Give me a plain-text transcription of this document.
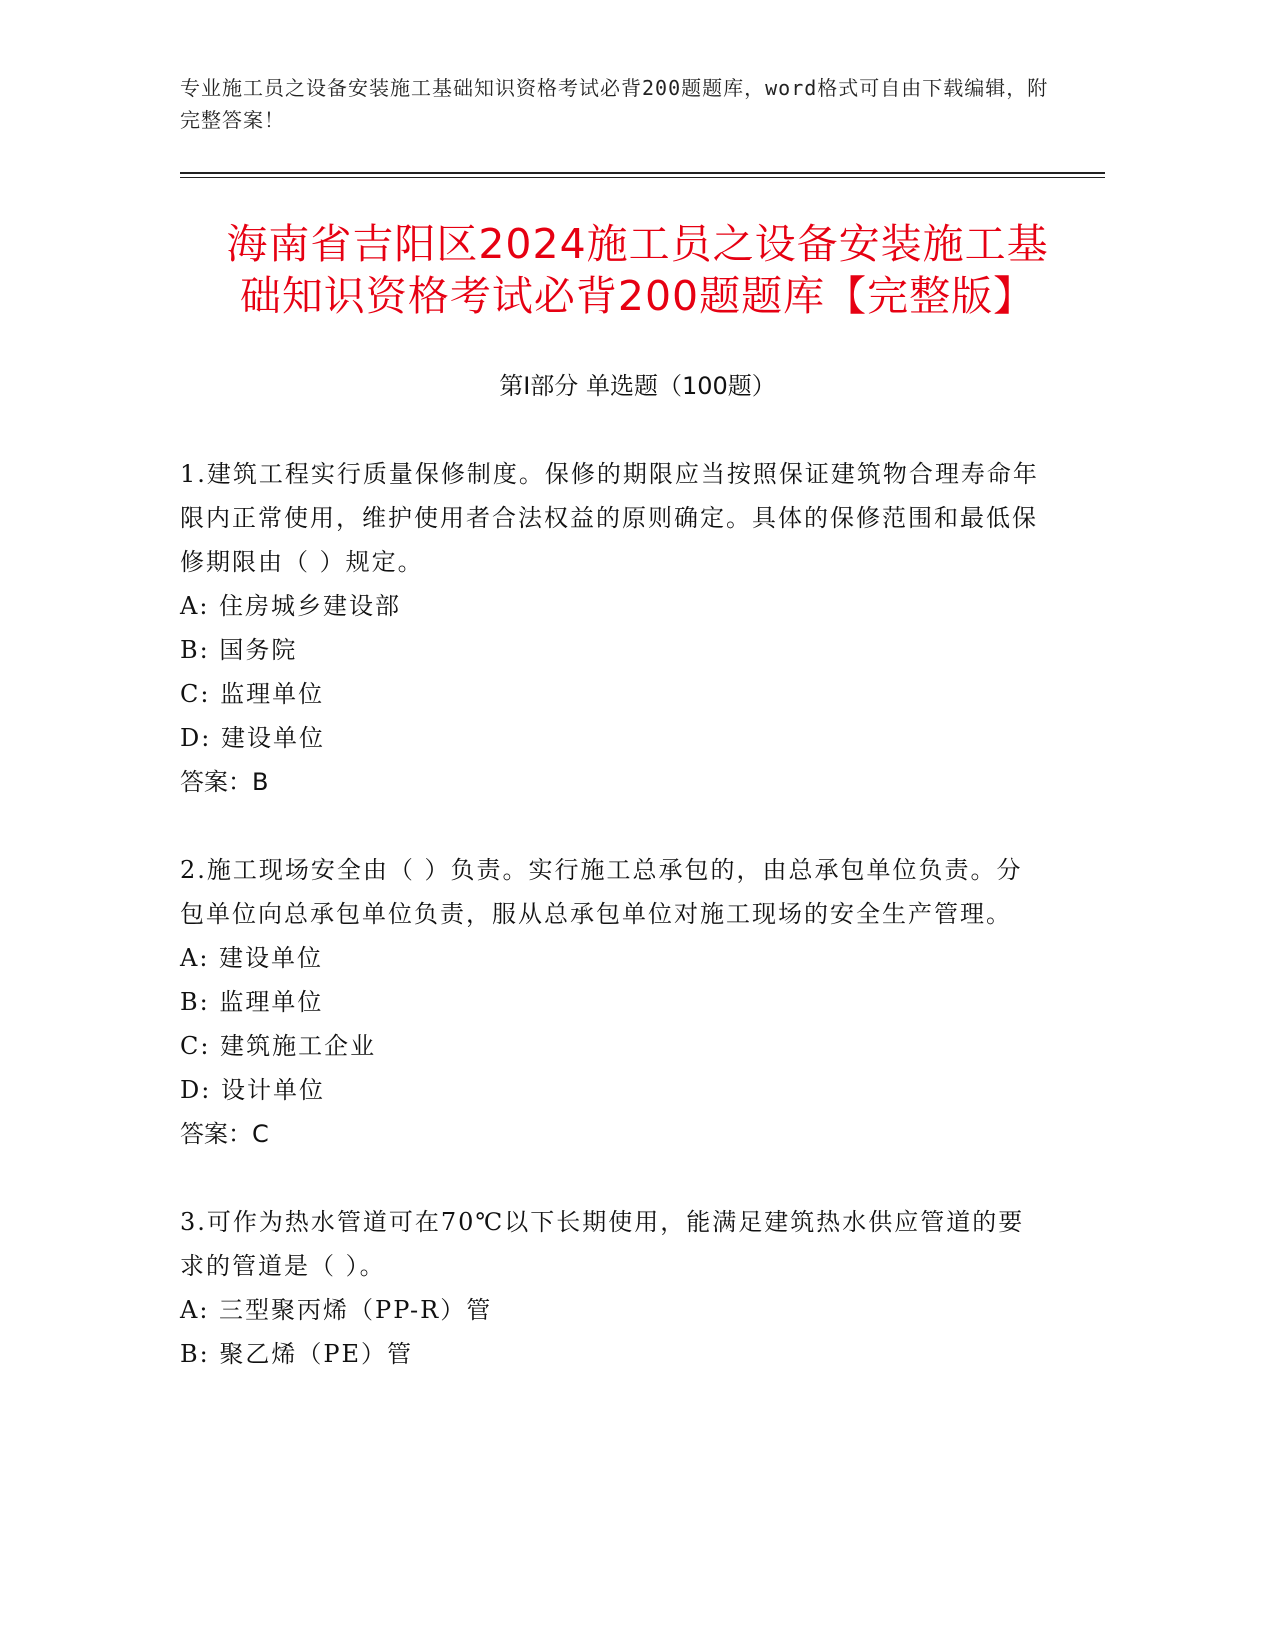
专业施工员之设备安装施工基础知识资格考试必背200题题库，word格式可自由下载编辑，附完整答案！
海南省吉阳区2024施工员之设备安装施工基
础知识资格考试必背200题题库【完整版】
第Ⅰ部分 单选题（100题）

1.建筑工程实行质量保修制度。保修的期限应当按照保证建筑物合理寿命年限内正常使用，维护使用者合法权益的原则确定。具体的保修范围和最低保修期限由（ ）规定。

A: 住房城乡建设部

B: 国务院

C: 监理单位

D: 建设单位

答案：B

2.施工现场安全由（ ）负责。实行施工总承包的，由总承包单位负责。分包单位向总承包单位负责，服从总承包单位对施工现场的安全生产管理。

A: 建设单位

B: 监理单位

C: 建筑施工企业

D: 设计单位

答案：C

3.可作为热水管道可在70℃以下长期使用，能满足建筑热水供应管道的要求的管道是（ ）。

A: 三型聚丙烯（PP-R）管

B: 聚乙烯（PE）管
